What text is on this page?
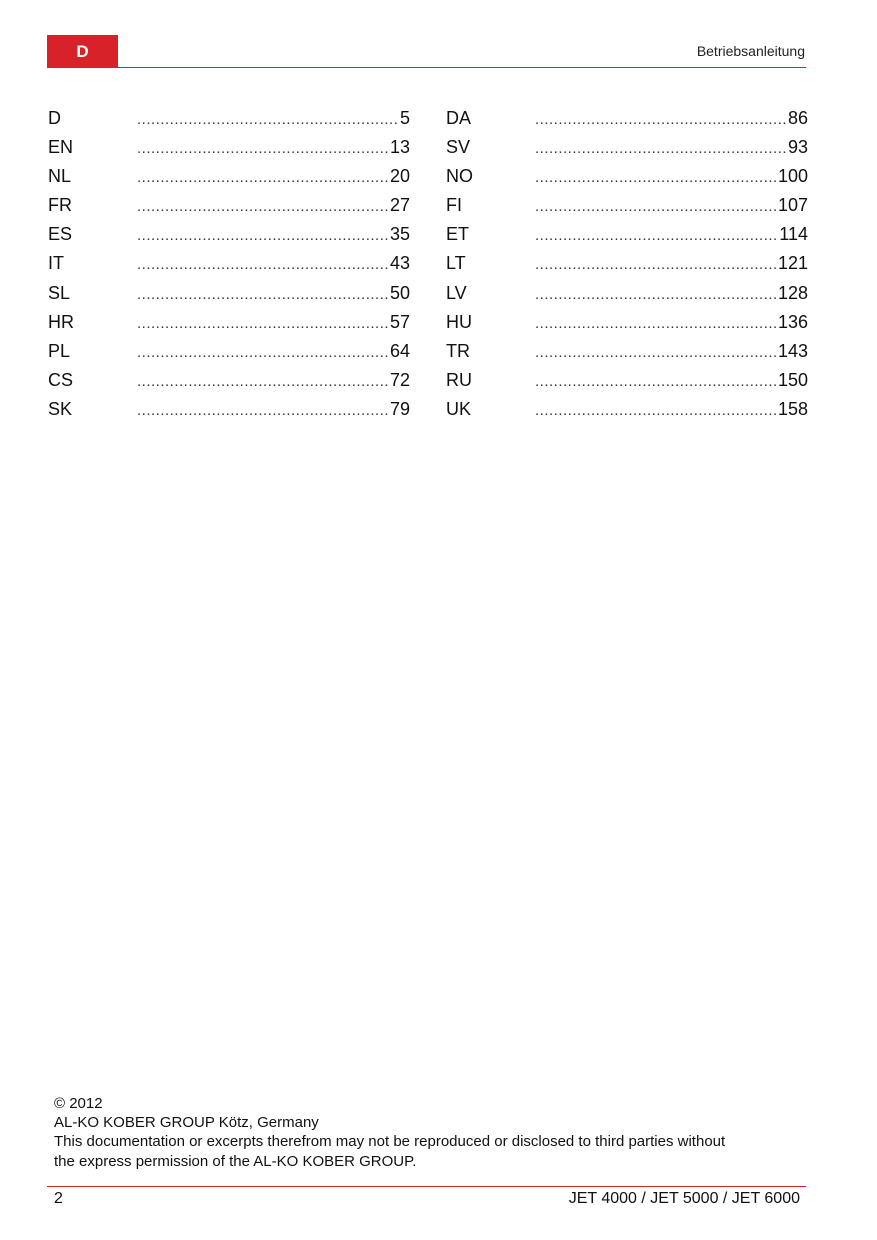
D	Betriebsanleitung
D .....	5
EN .....	13
NL .....	20
FR .....	27
ES .....	35
IT .....	43
SL .....	50
HR .....	57
PL .....	64
CS .....	72
SK .....	79
DA .....	86
SV .....	93
NO .....	100
FI .....	107
ET .....	114
LT .....	121
LV .....	128
HU .....	136
TR .....	143
RU .....	150
UK .....	158
© 2012
AL-KO KOBER GROUP Kötz, Germany
This documentation or excerpts therefrom may not be reproduced or disclosed to third parties without
the express permission of the AL-KO KOBER GROUP.
2	JET 4000 / JET 5000 / JET 6000
